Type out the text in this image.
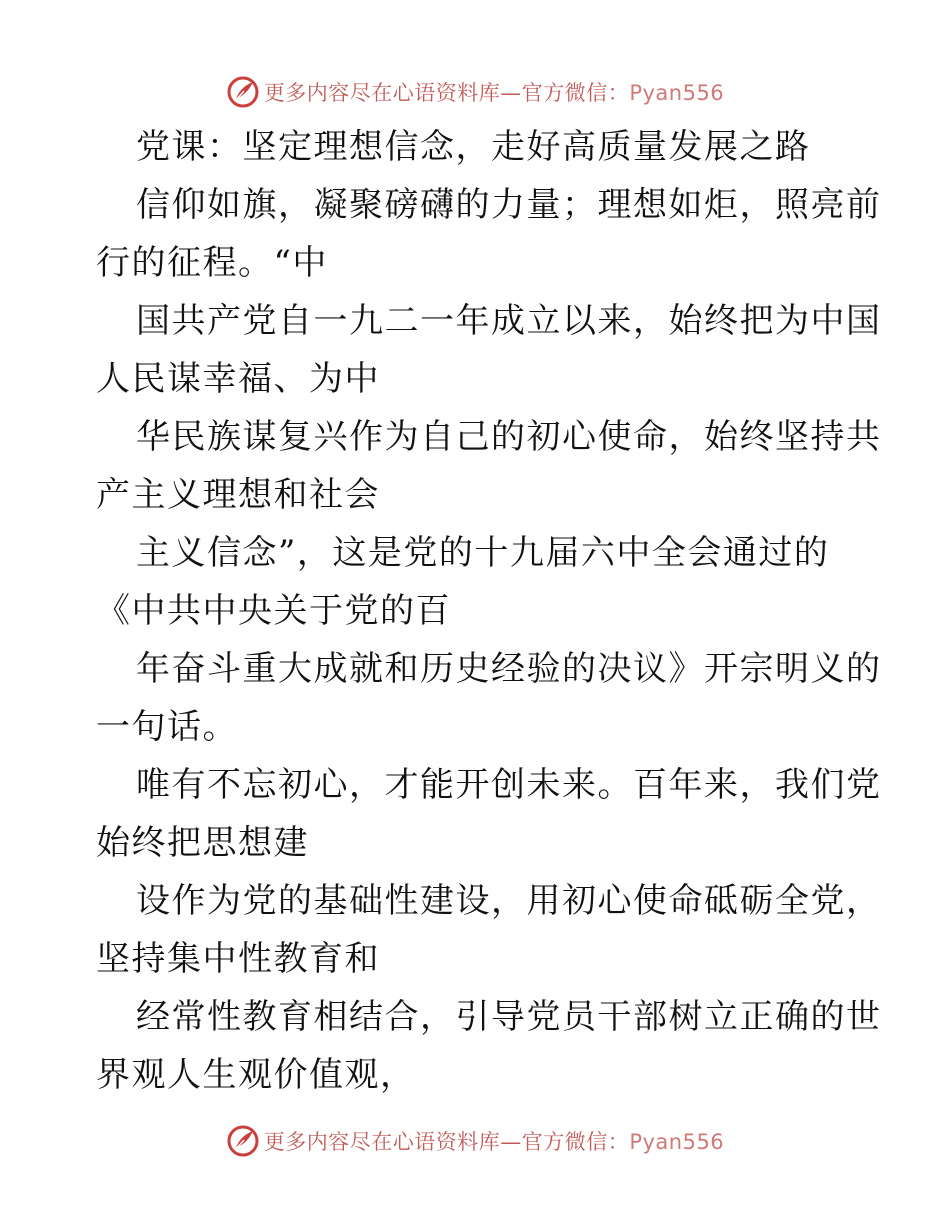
更多内容尽在心语资料库—官方微信：Pyan556
党课：坚定理想信念，走好高质量发展之路
信仰如旗，凝聚磅礴的力量；理想如炬，照亮前
行的征程。“中
国共产党自一九二一年成立以来，始终把为中国
人民谋幸福、为中
华民族谋复兴作为自己的初心使命，始终坚持共
产主义理想和社会
主义信念”，这是党的十九届六中全会通过的
《中共中央关于党的百
年奋斗重大成就和历史经验的决议》开宗明义的
一句话。
唯有不忘初心，才能开创未来。百年来，我们党
始终把思想建
设作为党的基础性建设，用初心使命砥砺全党，
坚持集中性教育和
经常性教育相结合，引导党员干部树立正确的世
界观人生观价值观，
更多内容尽在心语资料库—官方微信：Pyan556
